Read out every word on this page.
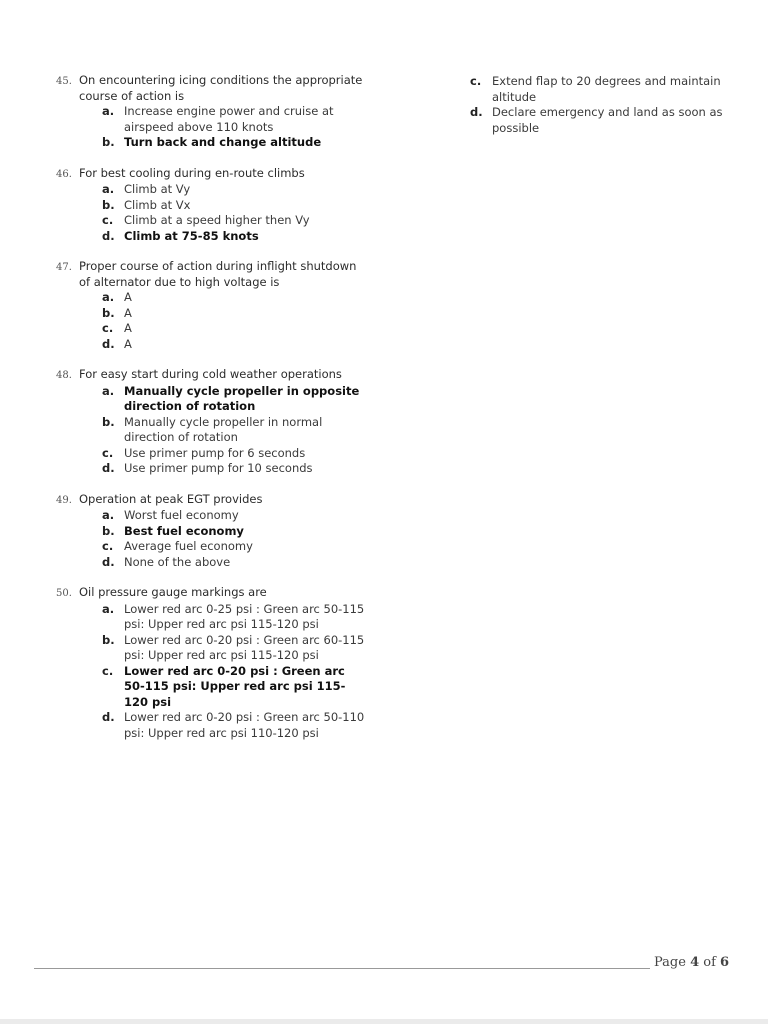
45. On encountering icing conditions the appropriate course of action is
a. Increase engine power and cruise at airspeed above 110 knots
b. Turn back and change altitude
46. For best cooling during en-route climbs
a. Climb at Vy
b. Climb at Vx
c. Climb at a speed higher then Vy
d. Climb at 75-85 knots
47. Proper course of action during inflight shutdown of alternator due to high voltage is
a. A
b. A
c. A
d. A
48. For easy start during cold weather operations
a. Manually cycle propeller in opposite direction of rotation
b. Manually cycle propeller in normal direction of rotation
c. Use primer pump for 6 seconds
d. Use primer pump for 10 seconds
49. Operation at peak EGT provides
a. Worst fuel economy
b. Best fuel economy
c. Average fuel economy
d. None of the above
50. Oil pressure gauge markings are
a. Lower red arc 0-25 psi : Green arc 50-115 psi: Upper red arc psi 115-120 psi
b. Lower red arc 0-20 psi : Green arc 60-115 psi: Upper red arc psi 115-120 psi
c. Lower red arc 0-20 psi : Green arc 50-115 psi: Upper red arc psi 115-120 psi
d. Lower red arc 0-20 psi : Green arc 50-110 psi: Upper red arc psi 110-120 psi
c. Extend flap to 20 degrees and maintain altitude
d. Declare emergency and land as soon as possible
Page 4 of 6
